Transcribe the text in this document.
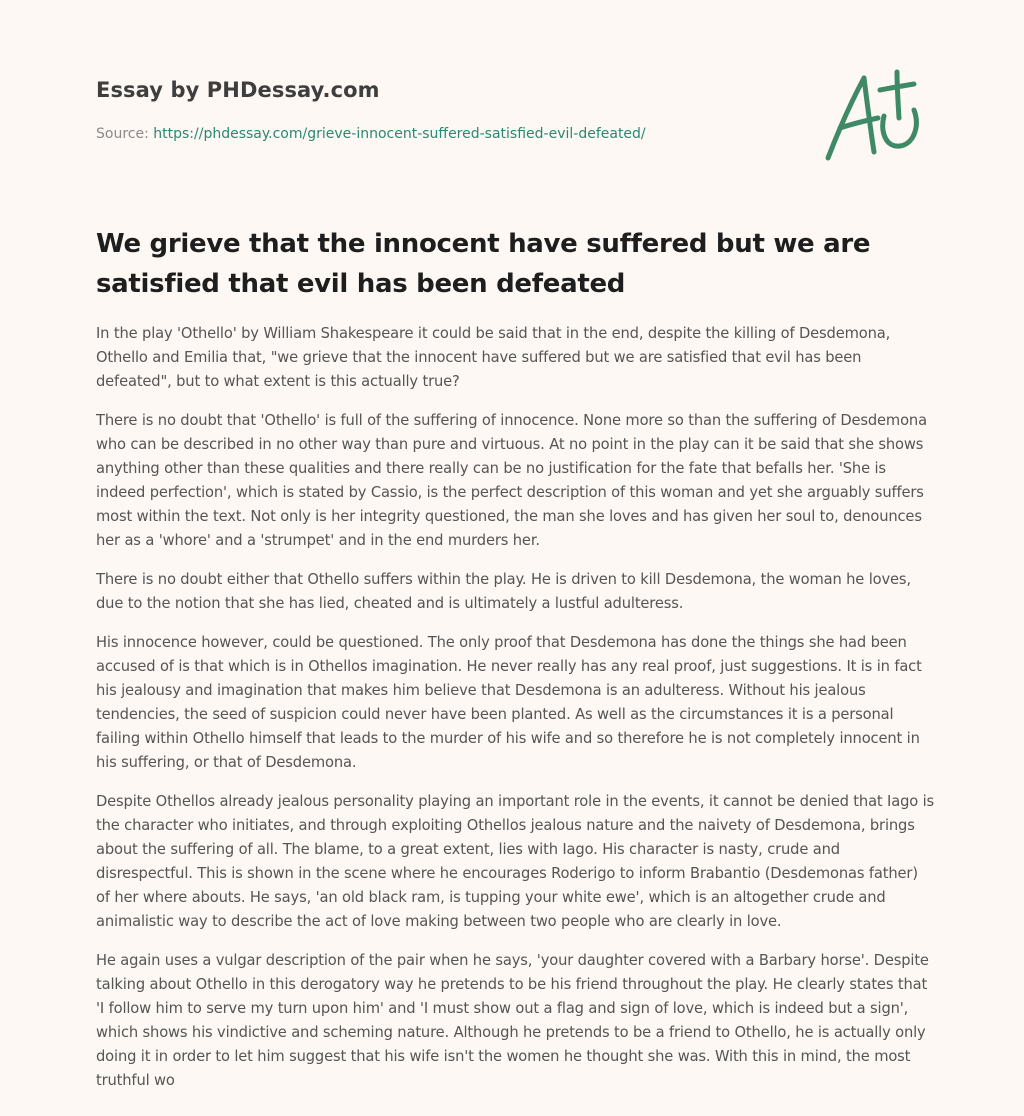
Essay by PHDessay.com
Source: https://phdessay.com/grieve-innocent-suffered-satisfied-evil-defeated/
We grieve that the innocent have suffered but we are satisfied that evil has been defeated

In the play 'Othello' by William Shakespeare it could be said that in the end, despite the killing of Desdemona, Othello and Emilia that, "we grieve that the innocent have suffered but we are satisfied that evil has been defeated", but to what extent is this actually true?

There is no doubt that 'Othello' is full of the suffering of innocence. None more so than the suffering of Desdemona who can be described in no other way than pure and virtuous. At no point in the play can it be said that she shows anything other than these qualities and there really can be no justification for the fate that befalls her. 'She is indeed perfection', which is stated by Cassio, is the perfect description of this woman and yet she arguably suffers most within the text. Not only is her integrity questioned, the man she loves and has given her soul to, denounces her as a 'whore' and a 'strumpet' and in the end murders her.

There is no doubt either that Othello suffers within the play. He is driven to kill Desdemona, the woman he loves, due to the notion that she has lied, cheated and is ultimately a lustful adulteress.

His innocence however, could be questioned. The only proof that Desdemona has done the things she had been accused of is that which is in Othellos imagination. He never really has any real proof, just suggestions. It is in fact his jealousy and imagination that makes him believe that Desdemona is an adulteress. Without his jealous tendencies, the seed of suspicion could never have been planted. As well as the circumstances it is a personal failing within Othello himself that leads to the murder of his wife and so therefore he is not completely innocent in his suffering, or that of Desdemona.

Despite Othellos already jealous personality playing an important role in the events, it cannot be denied that Iago is the character who initiates, and through exploiting Othellos jealous nature and the naivety of Desdemona, brings about the suffering of all. The blame, to a great extent, lies with Iago. His character is nasty, crude and disrespectful. This is shown in the scene where he encourages Roderigo to inform Brabantio (Desdemonas father) of her where abouts. He says, 'an old black ram, is tupping your white ewe', which is an altogether crude and animalistic way to describe the act of love making between two people who are clearly in love.

He again uses a vulgar description of the pair when he says, 'your daughter covered with a Barbary horse'. Despite talking about Othello in this derogatory way he pretends to be his friend throughout the play. He clearly states that 'I follow him to serve my turn upon him' and 'I must show out a flag and sign of love, which is indeed but a sign', which shows his vindictive and scheming nature. Although he pretends to be a friend to Othello, he is actually only doing it in order to let him suggest that his wife isn't the women he thought she was. With this in mind, the most truthful wo
